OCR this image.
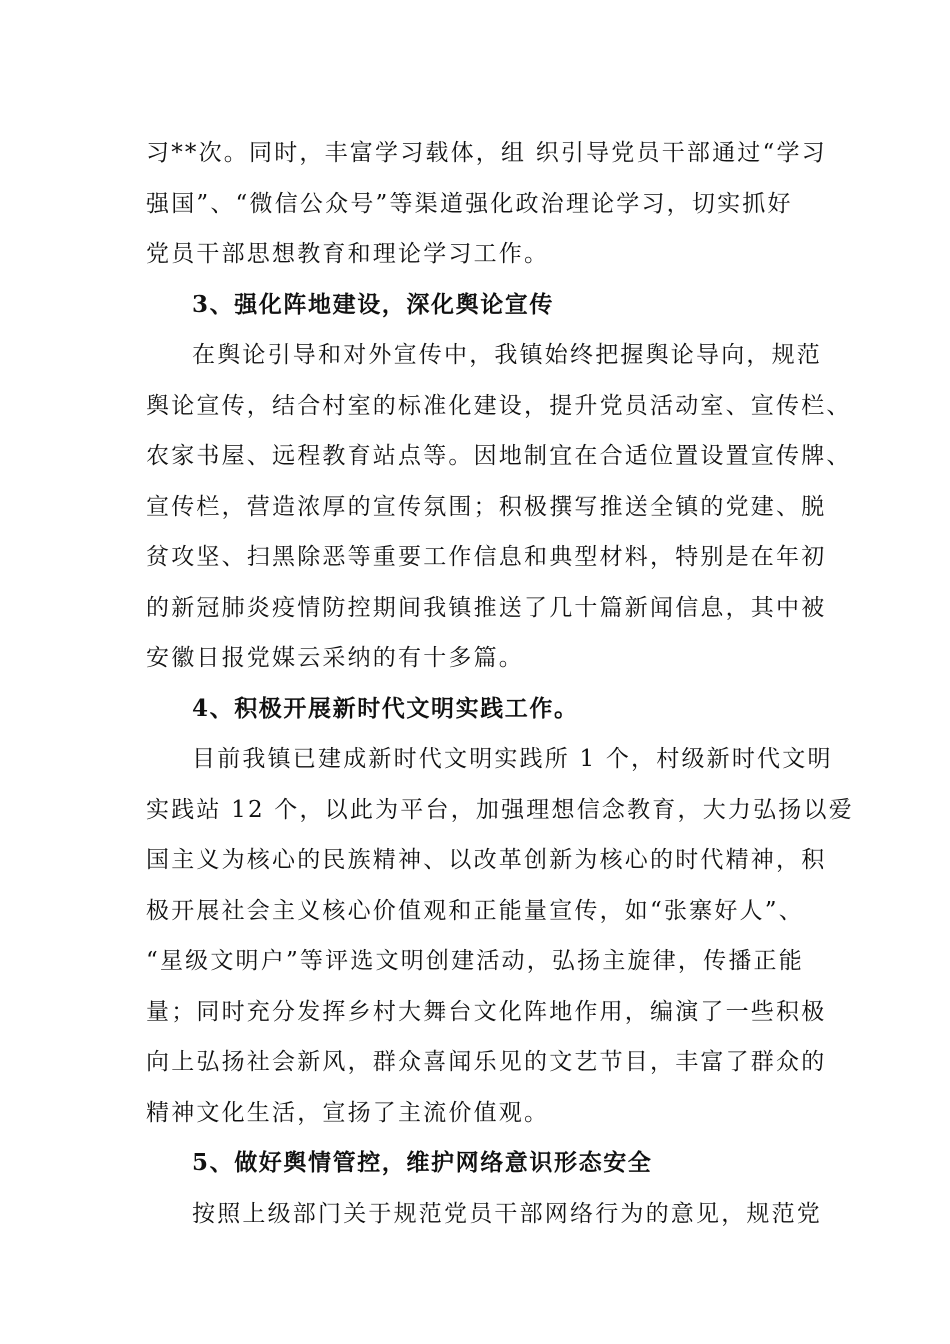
习**次。同时，丰富学习载体，组 织引导党员干部通过“学习
强国”、“微信公众号”等渠道强化政治理论学习，切实抓好
党员干部思想教育和理论学习工作。
3、强化阵地建设，深化舆论宣传
在舆论引导和对外宣传中，我镇始终把握舆论导向，规范
舆论宣传，结合村室的标准化建设，提升党员活动室、宣传栏、
农家书屋、远程教育站点等。因地制宜在合适位置设置宣传牌、
宣传栏，营造浓厚的宣传氛围；积极撰写推送全镇的党建、脱
贫攻坚、扫黑除恶等重要工作信息和典型材料，特别是在年初
的新冠肺炎疫情防控期间我镇推送了几十篇新闻信息，其中被
安徽日报党媒云采纳的有十多篇。
4、积极开展新时代文明实践工作。
目前我镇已建成新时代文明实践所 1 个，村级新时代文明
实践站 12 个，以此为平台，加强理想信念教育，大力弘扬以爱
国主义为核心的民族精神、以改革创新为核心的时代精神，积
极开展社会主义核心价值观和正能量宣传，如“张寨好人”、
“星级文明户”等评选文明创建活动，弘扬主旋律，传播正能
量；同时充分发挥乡村大舞台文化阵地作用，编演了一些积极
向上弘扬社会新风，群众喜闻乐见的文艺节目，丰富了群众的
精神文化生活，宣扬了主流价值观。
5、做好舆情管控，维护网络意识形态安全
按照上级部门关于规范党员干部网络行为的意见，规范党
